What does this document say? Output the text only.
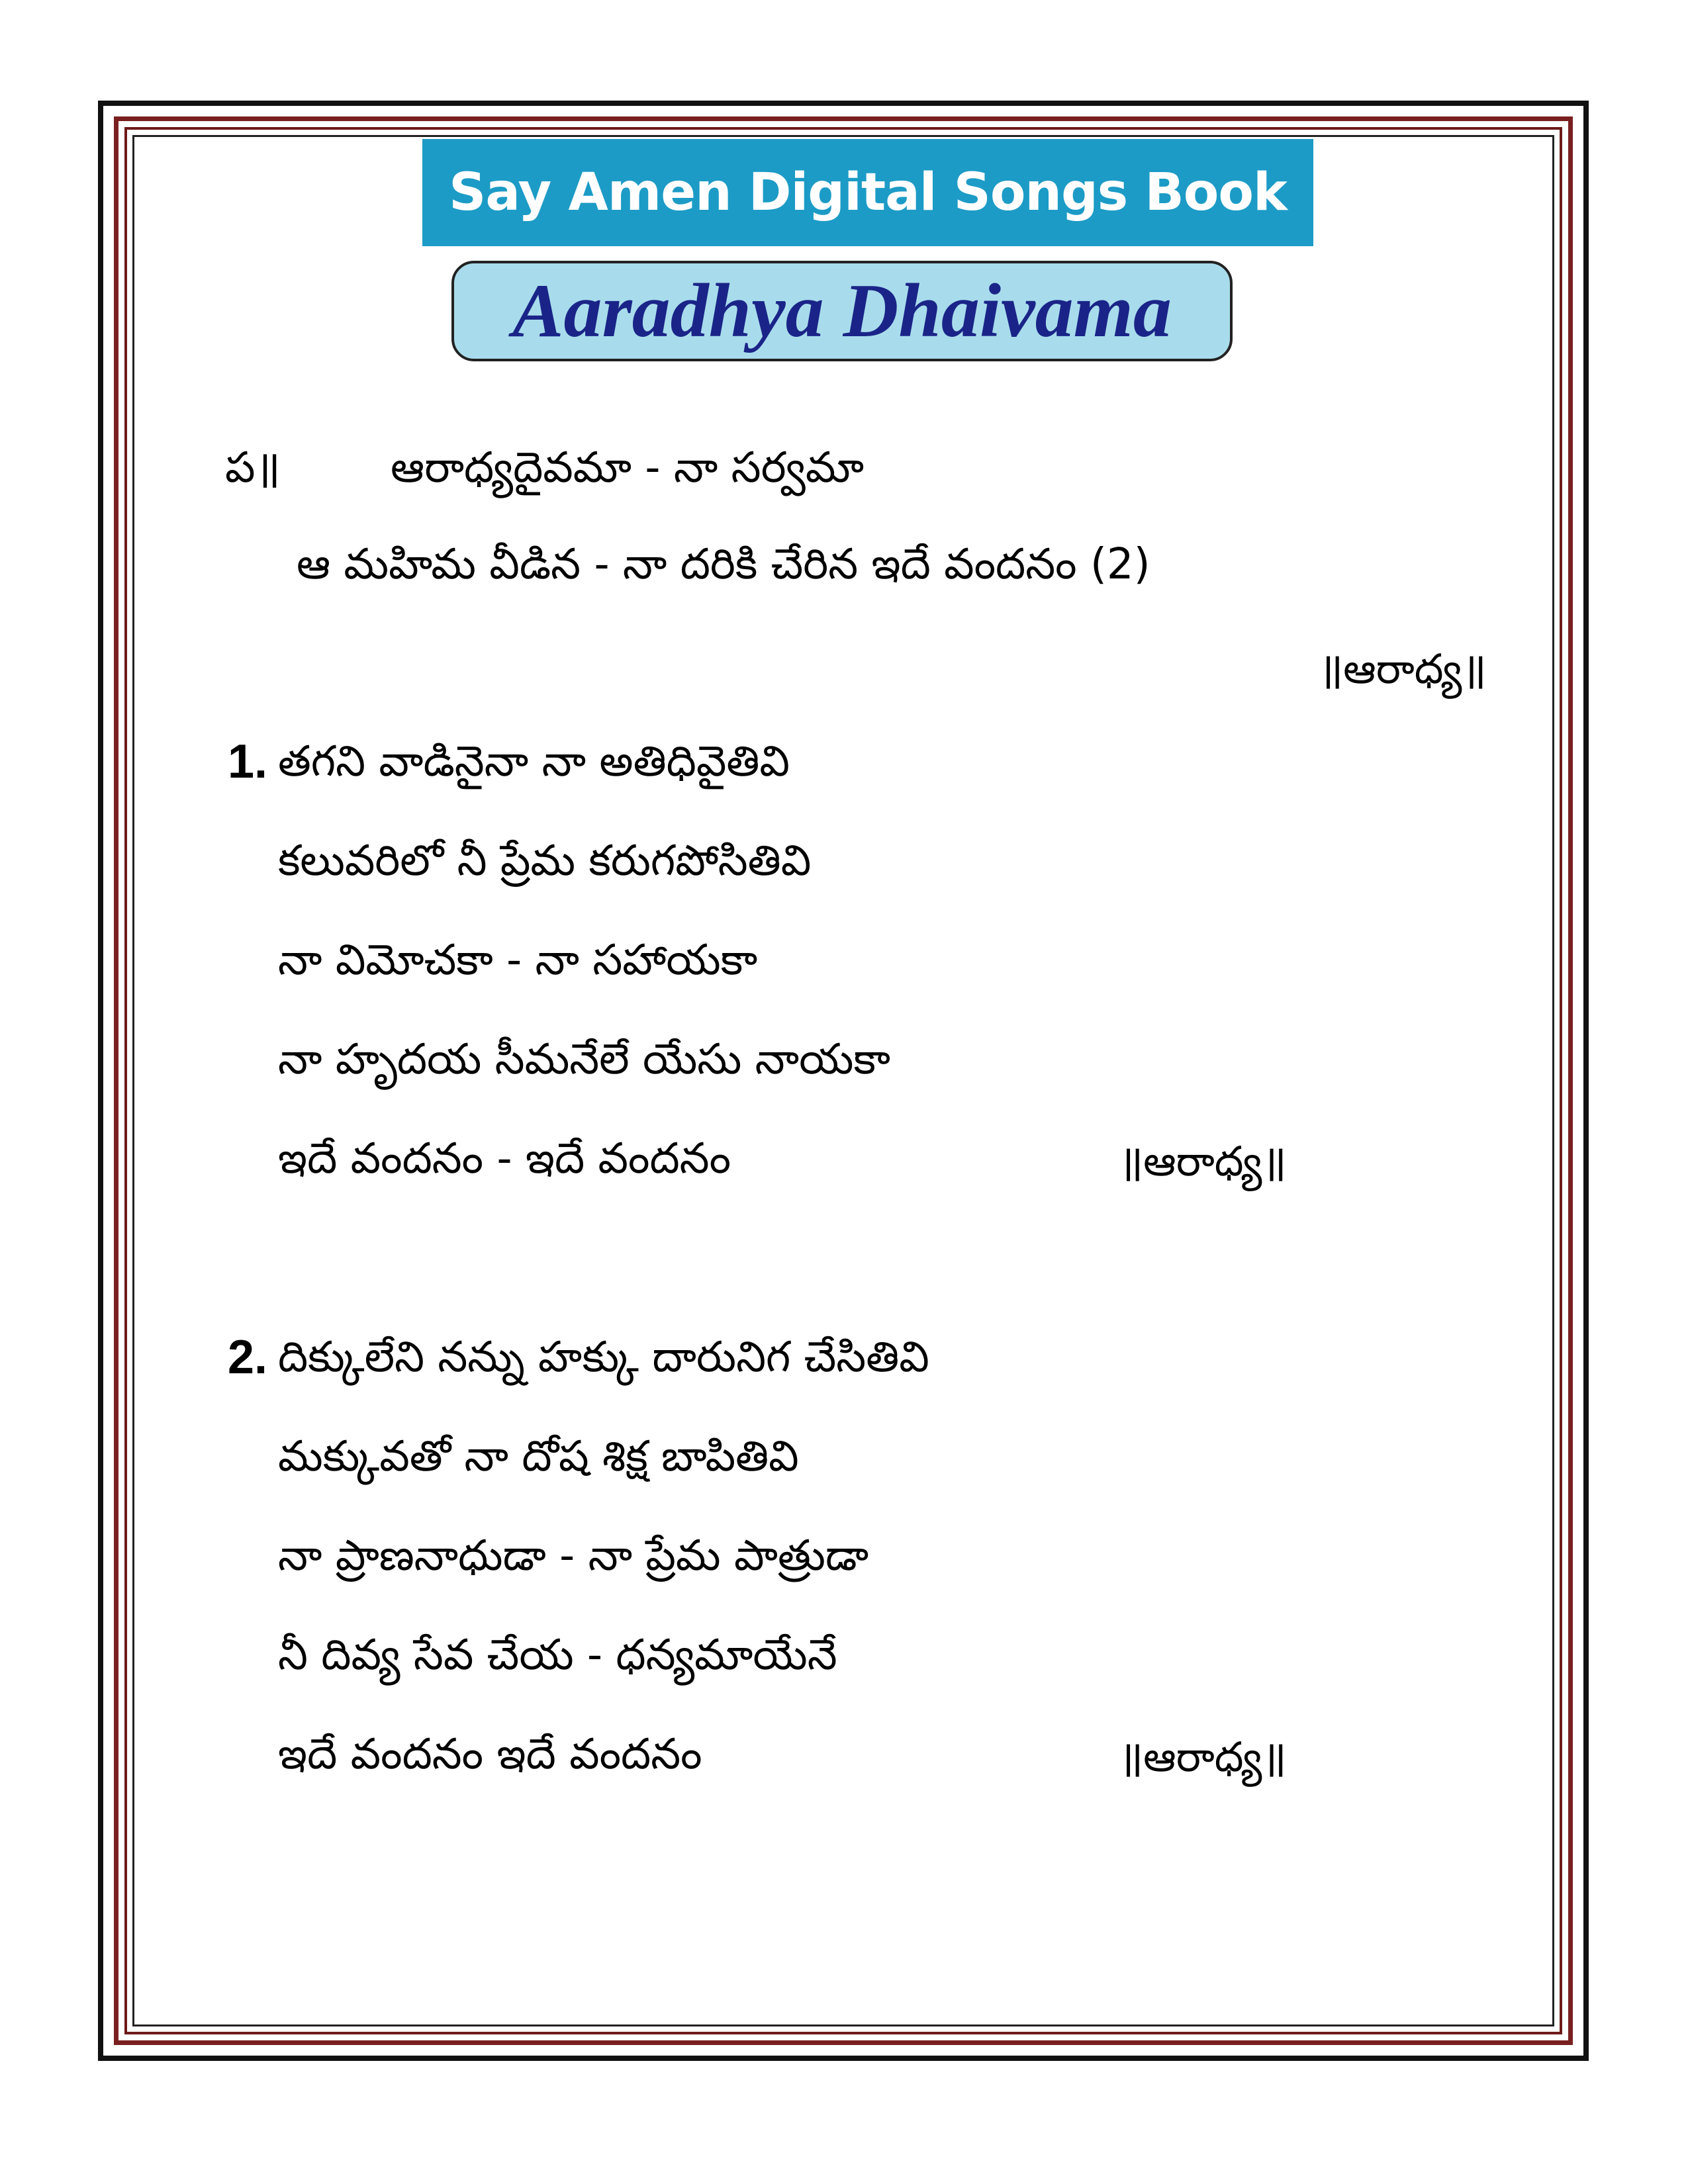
Say Amen Digital Songs Book
Aaradhya Dhaivama
ప॥	ఆరాధ్యదైవమా - నా సర్వమా
ఆ మహిమ వీడిన - నా దరికి చేరిన ఇదే వందనం (2)
॥ఆరాధ్య॥
1. తగని వాడినైనా నా అతిధివైతివి
కలువరిలో నీ ప్రేమ కరుగపోసితివి
నా విమోచకా - నా సహాయకా
నా హృదయ సీమనేలే యేసు నాయకా
ఇదే వందనం - ఇదే వందనం	॥ఆరాధ్య॥
2. దిక్కులేని నన్ను హక్కు దారునిగ చేసితివి
మక్కువతో నా దోష శిక్ష బాపితివి
నా ప్రాణనాధుడా - నా ప్రేమ పాత్రుడా
నీ దివ్య సేవ చేయ - ధన్యమాయేనే
ఇదే వందనం ఇదే వందనం	॥ఆరాధ్య॥
